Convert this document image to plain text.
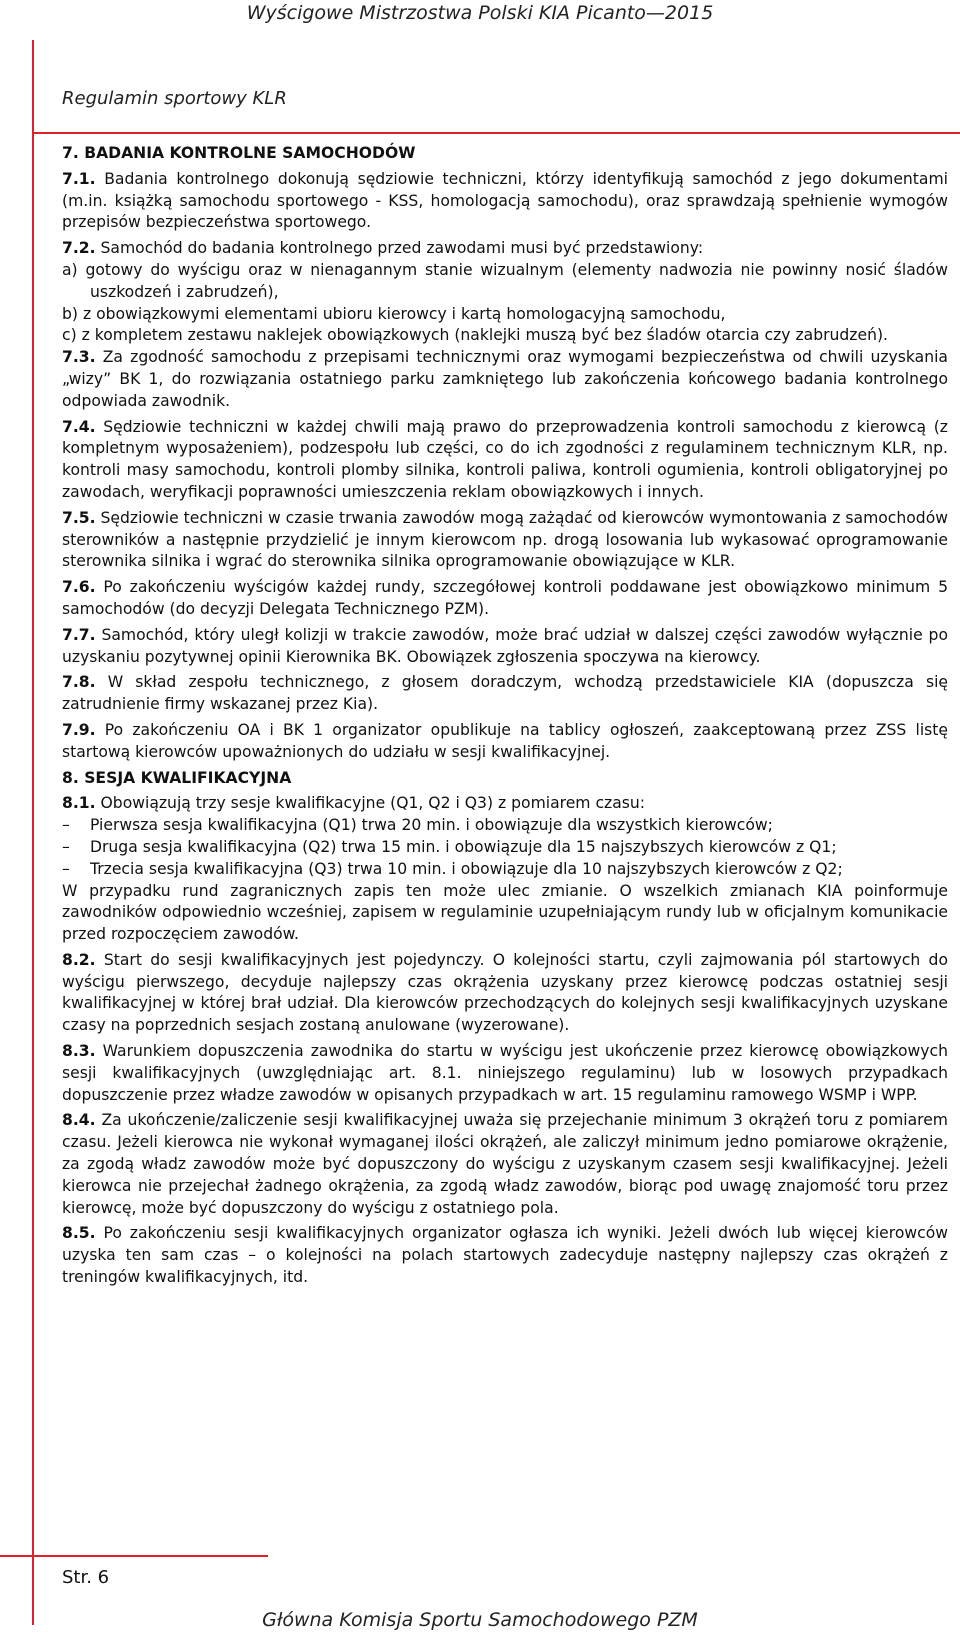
Wyścigowe Mistrzostwa Polski KIA Picanto—2015
Regulamin sportowy KLR
7. BADANIA KONTROLNE SAMOCHODÓW

7.1. Badania kontrolnego dokonują sędziowie techniczni, którzy identyfikują samochód z jego dokumentami (m.in. książką samochodu sportowego - KSS, homologacją samochodu), oraz sprawdzają spełnienie wymogów przepisów bezpieczeństwa sportowego.

7.2. Samochód do badania kontrolnego przed zawodami musi być przedstawiony:

a) gotowy do wyścigu oraz w nienagannym stanie wizualnym (elementy nadwozia nie powinny nosić śladów uszkodzeń i zabrudzeń),

b) z obowiązkowymi elementami ubioru kierowcy i kartą homologacyjną samochodu,

c) z kompletem zestawu naklejek obowiązkowych (naklejki muszą być bez śladów otarcia czy zabrudzeń).

7.3. Za zgodność samochodu z przepisami technicznymi oraz wymogami bezpieczeństwa od chwili uzyskania „wizy” BK 1, do rozwiązania ostatniego parku zamkniętego lub zakończenia końcowego badania kontrolnego odpowiada zawodnik.

7.4. Sędziowie techniczni w każdej chwili mają prawo do przeprowadzenia kontroli samochodu z kierowcą (z kompletnym wyposażeniem), podzespołu lub części, co do ich zgodności z regulaminem technicznym KLR, np. kontroli masy samochodu, kontroli plomby silnika, kontroli paliwa, kontroli ogumienia, kontroli obligatoryjnej po zawodach, weryfikacji poprawności umieszczenia reklam obowiązkowych i innych.

7.5. Sędziowie techniczni w czasie trwania zawodów mogą zażądać od kierowców wymontowania z samochodów sterowników a następnie przydzielić je innym kierowcom np. drogą losowania lub wykasować oprogramowanie sterownika silnika i wgrać do sterownika silnika oprogramowanie obowiązujące w KLR.

7.6. Po zakończeniu wyścigów każdej rundy, szczegółowej kontroli poddawane jest obowiązkowo minimum 5 samochodów (do decyzji Delegata Technicznego PZM).

7.7. Samochód, który uległ kolizji w trakcie zawodów, może brać udział w dalszej części zawodów wyłącznie po uzyskaniu pozytywnej opinii Kierownika BK. Obowiązek zgłoszenia spoczywa na kierowcy.

7.8. W skład zespołu technicznego, z głosem doradczym, wchodzą przedstawiciele KIA (dopuszcza się zatrudnienie firmy wskazanej przez Kia).

7.9. Po zakończeniu OA i BK 1 organizator opublikuje na tablicy ogłoszeń, zaakceptowaną przez ZSS listę startową kierowców upoważnionych do udziału w sesji kwalifikacyjnej.

8. SESJA KWALIFIKACYJNA

8.1. Obowiązują trzy sesje kwalifikacyjne (Q1, Q2 i Q3) z pomiarem czasu:

– Pierwsza sesja kwalifikacyjna (Q1) trwa 20 min. i obowiązuje dla wszystkich kierowców;

– Druga sesja kwalifikacyjna (Q2) trwa 15 min. i obowiązuje dla 15 najszybszych kierowców z Q1;

– Trzecia sesja kwalifikacyjna (Q3) trwa 10 min. i obowiązuje dla 10 najszybszych kierowców z Q2;

W przypadku rund zagranicznych zapis ten może ulec zmianie. O wszelkich zmianach KIA poinformuje zawodników odpowiednio wcześniej, zapisem w regulaminie uzupełniającym rundy lub w oficjalnym komunikacie przed rozpoczęciem zawodów.

8.2. Start do sesji kwalifikacyjnych jest pojedynczy. O kolejności startu, czyli zajmowania pól startowych do wyścigu pierwszego, decyduje najlepszy czas okrążenia uzyskany przez kierowcę podczas ostatniej sesji kwalifikacyjnej w której brał udział. Dla kierowców przechodzących do kolejnych sesji kwalifikacyjnych uzyskane czasy na poprzednich sesjach zostaną anulowane (wyzerowane).

8.3. Warunkiem dopuszczenia zawodnika do startu w wyścigu jest ukończenie przez kierowcę obowiązkowych sesji kwalifikacyjnych (uwzględniając art. 8.1. niniejszego regulaminu) lub w losowych przypadkach dopuszczenie przez władze zawodów w opisanych przypadkach w art. 15 regulaminu ramowego WSMP i WPP.

8.4. Za ukończenie/zaliczenie sesji kwalifikacyjnej uważa się przejechanie minimum 3 okrążeń toru z pomiarem czasu. Jeżeli kierowca nie wykonał wymaganej ilości okrążeń, ale zaliczył minimum jedno pomiarowe okrążenie, za zgodą władz zawodów może być dopuszczony do wyścigu z uzyskanym czasem sesji kwalifikacyjnej. Jeżeli kierowca nie przejechał żadnego okrążenia, za zgodą władz zawodów, biorąc pod uwagę znajomość toru przez kierowcę, może być dopuszczony do wyścigu z ostatniego pola.

8.5. Po zakończeniu sesji kwalifikacyjnych organizator ogłasza ich wyniki. Jeżeli dwóch lub więcej kierowców uzyska ten sam czas – o kolejności na polach startowych zadecyduje następny najlepszy czas okrążeń z treningów kwalifikacyjnych, itd.

Str. 6
Główna Komisja Sportu Samochodowego PZM
